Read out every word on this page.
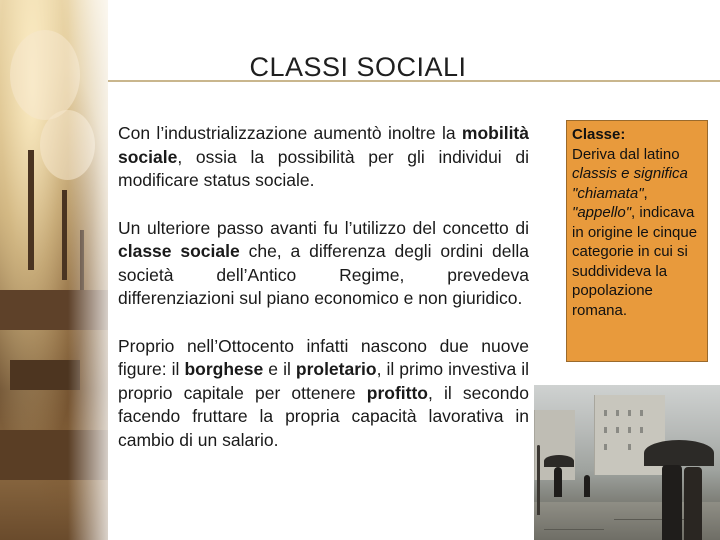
CLASSI SOCIALI

Con l’industrializzazione aumentò inoltre la mobilità sociale, ossia la possibilità per gli individui di modificare status sociale.

Un ulteriore passo avanti fu l’utilizzo del concetto di classe sociale che, a differenza degli ordini della società dell’Antico Regime, prevedeva differenziazioni sul piano economico e non giuridico.

Proprio nell’Ottocento infatti nascono due nuove figure: il borghese e il proletario, il primo investiva il proprio capitale per ottenere profitto, il secondo facendo fruttare la propria capacità lavorativa in cambio di un salario.

Classe:
Deriva dal latino classis e significa "chiamata", "appello", indicava in origine le cinque categorie in cui si suddivideva la popolazione romana.
